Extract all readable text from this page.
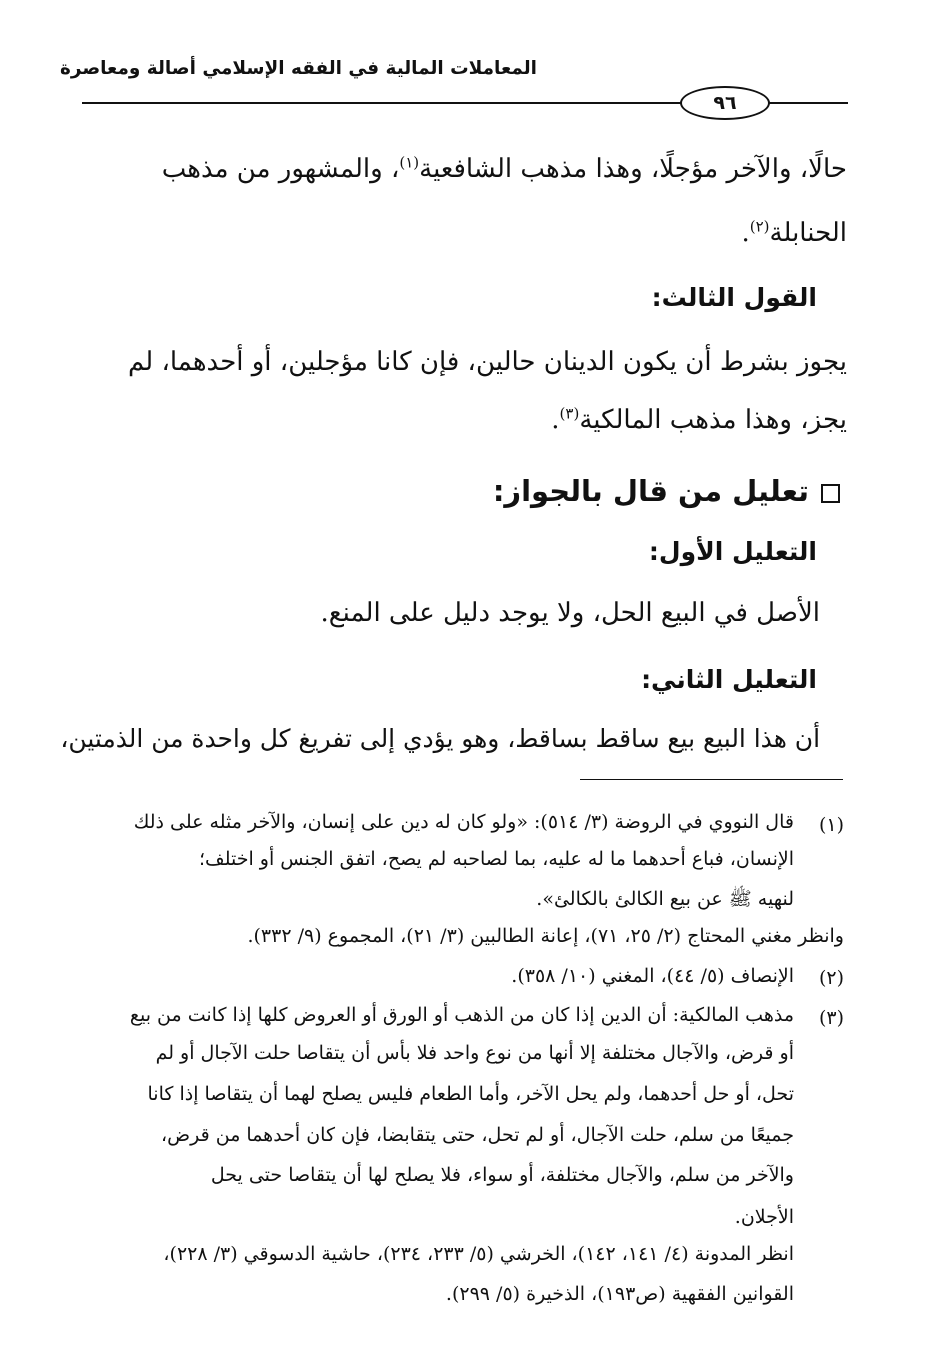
المعاملات المالية في الفقه الإسلامي أصالة ومعاصرة
٩٦
حالًا، والآخر مؤجلًا، وهذا مذهب الشافعية$^{(١)}$، والمشهور من مذهب
الحنابلة$^{(٢)}$.
القول الثالث:
يجوز بشرط أن يكون الدينان حالين، فإن كانا مؤجلين، أو أحدهما، لم
يجز، وهذا مذهب المالكية$^{(٣)}$.
تعليل من قال بالجواز:
التعليل الأول:
الأصل في البيع الحل، ولا يوجد دليل على المنع.
التعليل الثاني:
أن هذا البيع بيع ساقط بساقط، وهو يؤدي إلى تفريغ كل واحدة من الذمتين،
(١)
قال النووي في الروضة (٣/ ٥١٤): «ولو كان له دين على إنسان، والآخر مثله على ذلك
الإنسان، فباع أحدهما ما له عليه، بما لصاحبه لم يصح، اتفق الجنس أو اختلف؛
لنهيه ﷺ عن بيع الكالئ بالكالئ».
وانظر مغني المحتاج (٢/ ٢٥، ٧١)، إعانة الطالبين (٣/ ٢١)، المجموع (٩/ ٣٣٢).
(٢)
الإنصاف (٥/ ٤٤)، المغني (١٠/ ٣٥٨).
(٣)
مذهب المالكية: أن الدين إذا كان من الذهب أو الورق أو العروض كلها إذا كانت من بيع
أو قرض، والآجال مختلفة إلا أنها من نوع واحد فلا بأس أن يتقاصا حلت الآجال أو لم
تحل، أو حل أحدهما، ولم يحل الآخر، وأما الطعام فليس يصلح لهما أن يتقاصا إذا كانا
جميعًا من سلم، حلت الآجال، أو لم تحل، حتى يتقابضا، فإن كان أحدهما من قرض،
والآخر من سلم، والآجال مختلفة، أو سواء، فلا يصلح لها أن يتقاصا حتى يحل
الأجلان.
انظر المدونة (٤/ ١٤١، ١٤٢)، الخرشي (٥/ ٢٣٣، ٢٣٤)، حاشية الدسوقي (٣/ ٢٢٨)،
القوانين الفقهية (ص١٩٣)، الذخيرة (٥/ ٢٩٩).
